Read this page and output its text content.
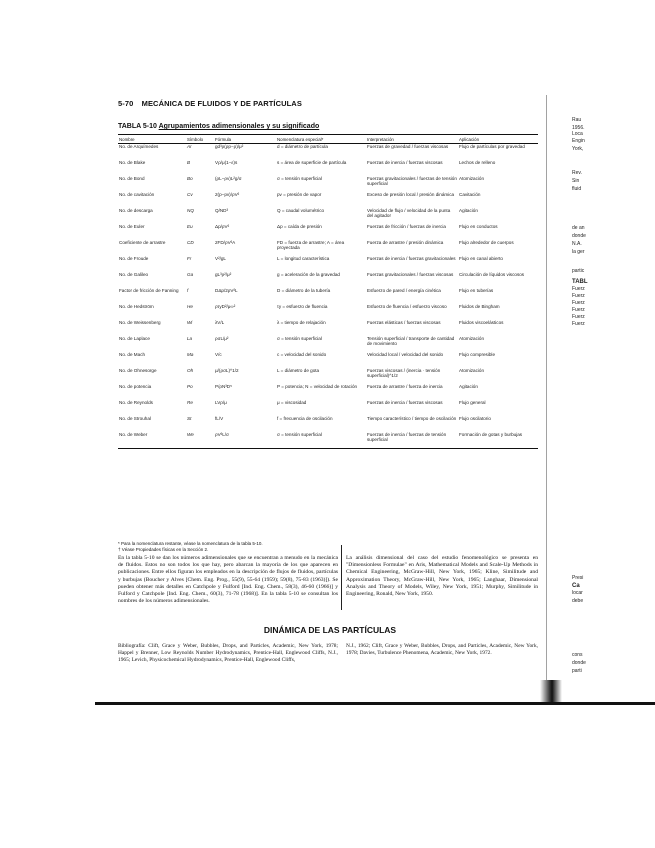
5-70 MECÁNICA DE FLUIDOS Y DE PARTÍCULAS
TABLA 5-10 Agrupamientos adimensionales y su significado
Nombre	Símbolo	Fórmula	Nomenclatura especial*	Interpretación	Aplicación
No. de Arquímedes	Ar	gd³ρ(ρp−ρ)/μ²	d = diámetro de partícula	Fuerzas de gravedad / fuerzas viscosas	Flujo de partículas por gravedad
No. de Blake	B	Vρ/μ(1−ε)s	s = área de superficie de partícula	Fuerzas de inercia / fuerzas viscosas	Lechos de relleno
No. de Bond	Bo	(ρL−ρv)L²g/σ	σ = tensión superficial	Fuerzas gravitacionales / fuerzas de tensión superficial	Atomización
No. de cavitación	Cv	2(p−pv)/ρV²	pv = presión de vapor	Exceso de presión local / presión dinámica	Cavitación
No. de descarga	NQ	Q/ND³	Q = caudal volumétrico	Velocidad de flujo / velocidad de la punta del agitador	Agitación
No. de Euler	Eu	Δp/ρV²	Δp = caída de presión	Fuerzas de fricción / fuerzas de inercia	Flujo en conductos
Coeficiente de arrastre	CD	2FD/ρV²A	FD = fuerza de arrastre; A = área proyectada	Fuerza de arrastre / presión dinámica	Flujo alrededor de cuerpos
No. de Froude	Fr	V²/gL	L = longitud característica	Fuerzas de inercia / fuerzas gravitacionales	Flujo en canal abierto
No. de Galileo	Ga	gL³ρ²/μ²	g = aceleración de la gravedad	Fuerzas gravitacionales / fuerzas viscosas	Circulación de líquidos viscosos
Factor de fricción de Fanning	f	DΔp/2ρV²L	D = diámetro de la tubería	Esfuerzo de pared / energía cinética	Flujo en tuberías
No. de Hedström	He	ρτyD²/μ∞²	τy = esfuerzo de fluencia	Esfuerzo de fluencia / esfuerzo viscoso	Fluidos de Bingham
No. de Weissenberg	Wi	λV/L	λ = tiempo de relajación	Fuerzas elásticas / fuerzas viscosas	Fluidos viscoelásticos
No. de Laplace	La	ρσL/μ²	σ = tensión superficial	Tensión superficial / transporte de cantidad de movimiento	Atomización
No. de Mach	Ma	V/c	c = velocidad del sonido	Velocidad local / velocidad del sonido	Flujo compresible
No. de Ohnesorge	Oh	μ/(ρσL)^1/2	L = diámetro de gota	Fuerzas viscosas / (inercia · tensión superficial)^1/2	Atomización
No. de potencia	Po	P/ρN³D⁵	P = potencia; N = velocidad de rotación	Fuerza de arrastre / fuerza de inercia	Agitación
No. de Reynolds	Re	LVρ/μ	μ = viscosidad	Fuerzas de inercia / fuerzas viscosas	Flujo general
No. de Strouhal	St	fL/V	f = frecuencia de oscilación	Tiempo característico / tiempo de oscilación	Flujo oscilatorio
No. de Weber	We	ρV²L/σ	σ = tensión superficial	Fuerzas de inercia / fuerzas de tensión superficial	Formación de gotas y burbujas
* Para la nomenclatura restante, véase la nomenclatura de la tabla 5-10.
† Véase Propiedades físicas en la Sección 2.
En la tabla 5-10 se dan los números adimensionales que se encuentran a menudo en la mecánica de fluidos. Estos no son todos los que hay, pero abarcan la mayoría de los que aparecen en publicaciones. Entre ellos figuran los empleados en la descripción de flujos de fluidos, partículas y burbujas (Boucher y Alves [Chem. Eng. Prog., 55(9), 55-64 (1959); 59(8), 75-83 (1963)]). Se pueden obtener más detalles en Catchpole y Fulford [Ind. Eng. Chem., 58(3), 46-60 (1966)] y Fulford y Catchpole [Ind. Eng. Chem., 60(3), 71-78 (1968)]. En la tabla 5-10 se consultan los nombres de los números adimensionales.
La análisis dimensional del caso del estudio fenomenológico se presenta en "Dimensionless Formulae" en Aris, Mathematical Models and Scale-Up Methods in Chemical Engineering, McGraw-Hill, New York, 1965; Kline, Similitude and Approximation Theory, McGraw-Hill, New York, 1965; Langhaar, Dimensional Analysis and Theory of Models, Wiley, New York, 1951; Murphy, Similitude in Engineering, Ronald, New York, 1950.
DINÁMICA DE LAS PARTÍCULAS
Bibliografía: Clift, Grace y Weber, Bubbles, Drops, and Particles, Academic, New York, 1978; Happel y Brenner, Low Reynolds Number Hydrodynamics, Prentice-Hall, Englewood Cliffs, N.J., 1965; Levich, Physicochemical Hydrodynamics, Prentice-Hall, Englewood Cliffs,
N.J., 1962; Clift, Grace y Weber, Bubbles, Drops, and Particles, Academic, New York, 1978; Davies, Turbulence Phenomena, Academic, New York, 1972.
Rau
1956.
Loca
Engin
York,
Rev.
Sin
fluid
de an
donde
N.A.
la ger
partic
TABL
Fuerz
Fuerz
Fuerz
Fuerz
Fuerz
Fuerz
Presi
Ca
locar
debe
cons
donde
parti
